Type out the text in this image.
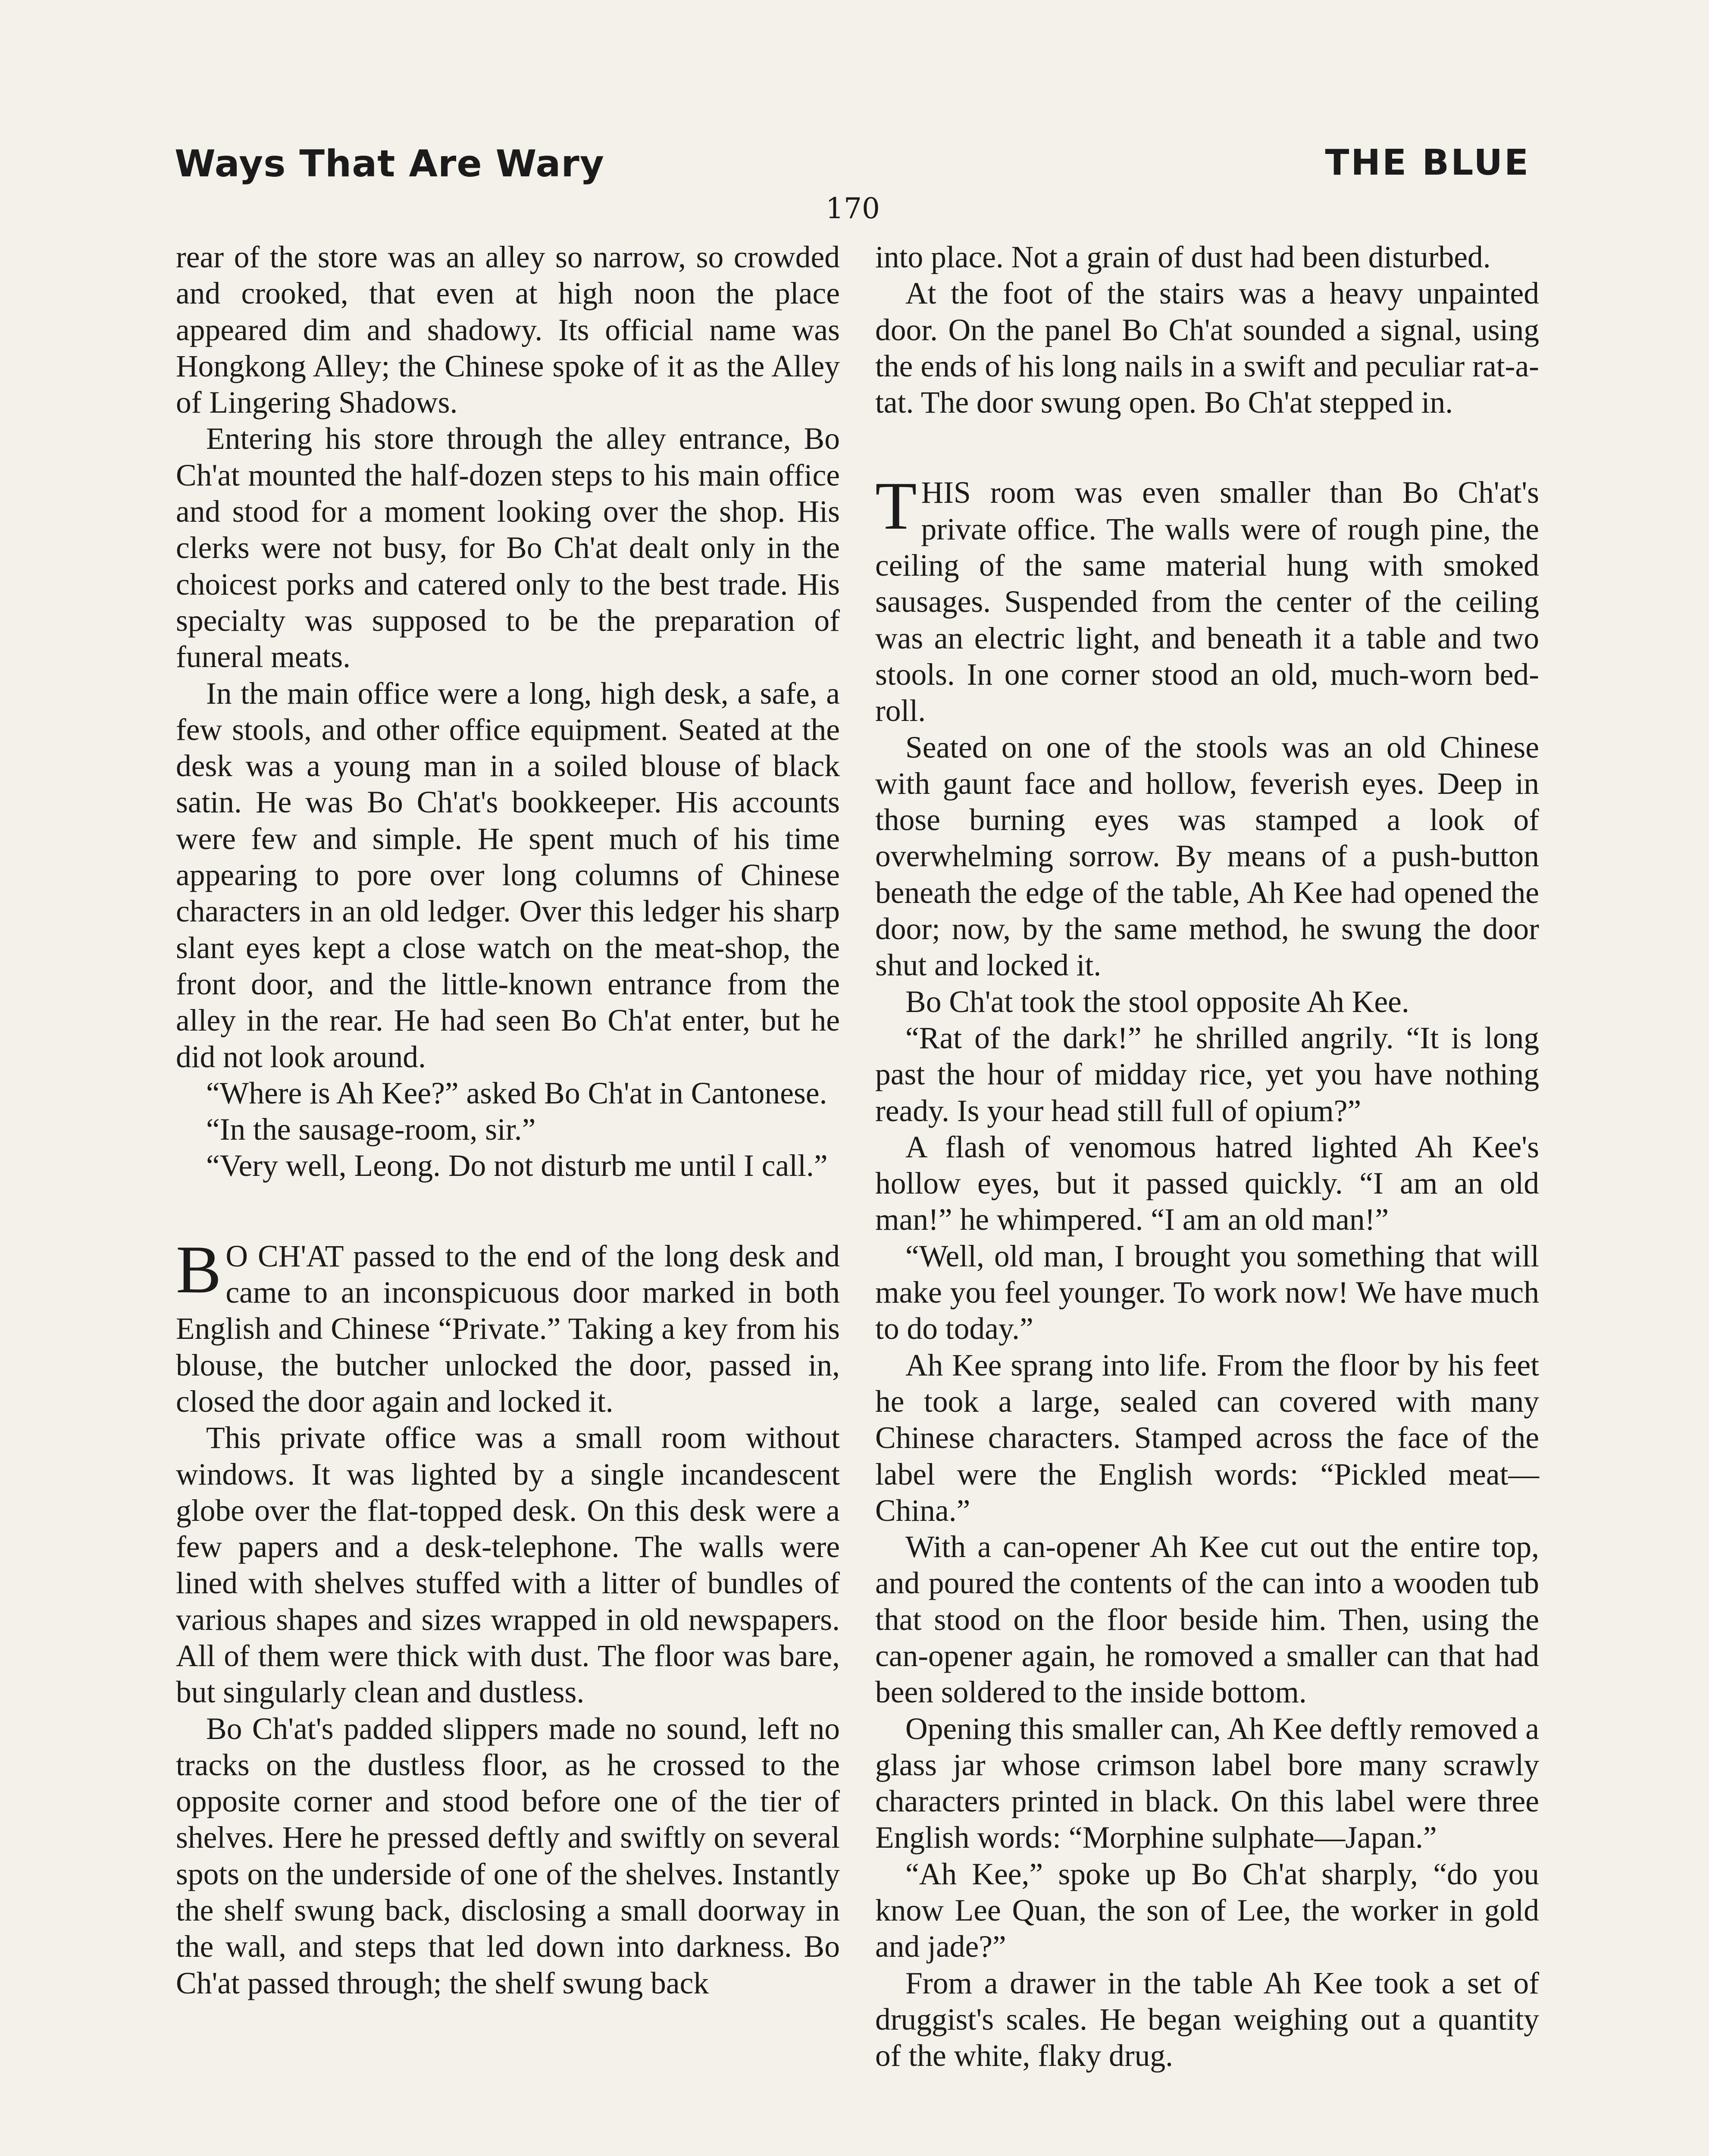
Ways That Are Wary	THE BLUE
170

rear of the store was an alley so narrow, so crowded and crooked, that even at high noon the place appeared dim and shadowy. Its official name was Hongkong Alley; the Chinese spoke of it as the Alley of Lingering Shadows.

Entering his store through the alley entrance, Bo Ch'at mounted the half-dozen steps to his main office and stood for a moment looking over the shop. His clerks were not busy, for Bo Ch'at dealt only in the choicest porks and catered only to the best trade. His specialty was supposed to be the preparation of funeral meats.

In the main office were a long, high desk, a safe, a few stools, and other office equipment. Seated at the desk was a young man in a soiled blouse of black satin. He was Bo Ch'at's bookkeeper. His accounts were few and simple. He spent much of his time appearing to pore over long columns of Chinese characters in an old ledger. Over this ledger his sharp slant eyes kept a close watch on the meat-shop, the front door, and the little-known entrance from the alley in the rear. He had seen Bo Ch'at enter, but he did not look around.

“Where is Ah Kee?” asked Bo Ch'at in Cantonese.

“In the sausage-room, sir.”

“Very well, Leong. Do not disturb me until I call.”

B O CH'AT passed to the end of the long desk and came to an inconspicuous door marked in both English and Chinese “Private.” Taking a key from his blouse, the butcher unlocked the door, passed in, closed the door again and locked it.

This private office was a small room without windows. It was lighted by a single incandescent globe over the flat-topped desk. On this desk were a few papers and a desk-telephone. The walls were lined with shelves stuffed with a litter of bundles of various shapes and sizes wrapped in old newspapers. All of them were thick with dust. The floor was bare, but singularly clean and dustless.

Bo Ch'at's padded slippers made no sound, left no tracks on the dustless floor, as he crossed to the opposite corner and stood before one of the tier of shelves. Here he pressed deftly and swiftly on several spots on the underside of one of the shelves. Instantly the shelf swung back, disclosing a small doorway in the wall, and steps that led down into darkness. Bo Ch'at passed through; the shelf swung back

into place. Not a grain of dust had been disturbed.

At the foot of the stairs was a heavy unpainted door. On the panel Bo Ch'at sounded a signal, using the ends of his long nails in a swift and peculiar rat-a-tat. The door swung open. Bo Ch'at stepped in.

THIS room was even smaller than Bo Ch'at's private office. The walls were of rough pine, the ceiling of the same material hung with smoked sausages. Suspended from the center of the ceiling was an electric light, and beneath it a table and two stools. In one corner stood an old, much-worn bed-roll.

Seated on one of the stools was an old Chinese with gaunt face and hollow, feverish eyes. Deep in those burning eyes was stamped a look of overwhelming sorrow. By means of a push-button beneath the edge of the table, Ah Kee had opened the door; now, by the same method, he swung the door shut and locked it.

Bo Ch'at took the stool opposite Ah Kee.

“Rat of the dark!” he shrilled angrily. “It is long past the hour of midday rice, yet you have nothing ready. Is your head still full of opium?”

A flash of venomous hatred lighted Ah Kee's hollow eyes, but it passed quickly. “I am an old man!” he whimpered. “I am an old man!”

“Well, old man, I brought you something that will make you feel younger. To work now! We have much to do today.”

Ah Kee sprang into life. From the floor by his feet he took a large, sealed can covered with many Chinese characters. Stamped across the face of the label were the English words: “Pickled meat—China.”

With a can-opener Ah Kee cut out the entire top, and poured the contents of the can into a wooden tub that stood on the floor beside him. Then, using the can-opener again, he romoved a smaller can that had been soldered to the inside bottom.

Opening this smaller can, Ah Kee deftly removed a glass jar whose crimson label bore many scrawly characters printed in black. On this label were three English words: “Morphine sulphate—Japan.”

“Ah Kee,” spoke up Bo Ch'at sharply, “do you know Lee Quan, the son of Lee, the worker in gold and jade?”

From a drawer in the table Ah Kee took a set of druggist's scales. He began weighing out a quantity of the white, flaky drug.
